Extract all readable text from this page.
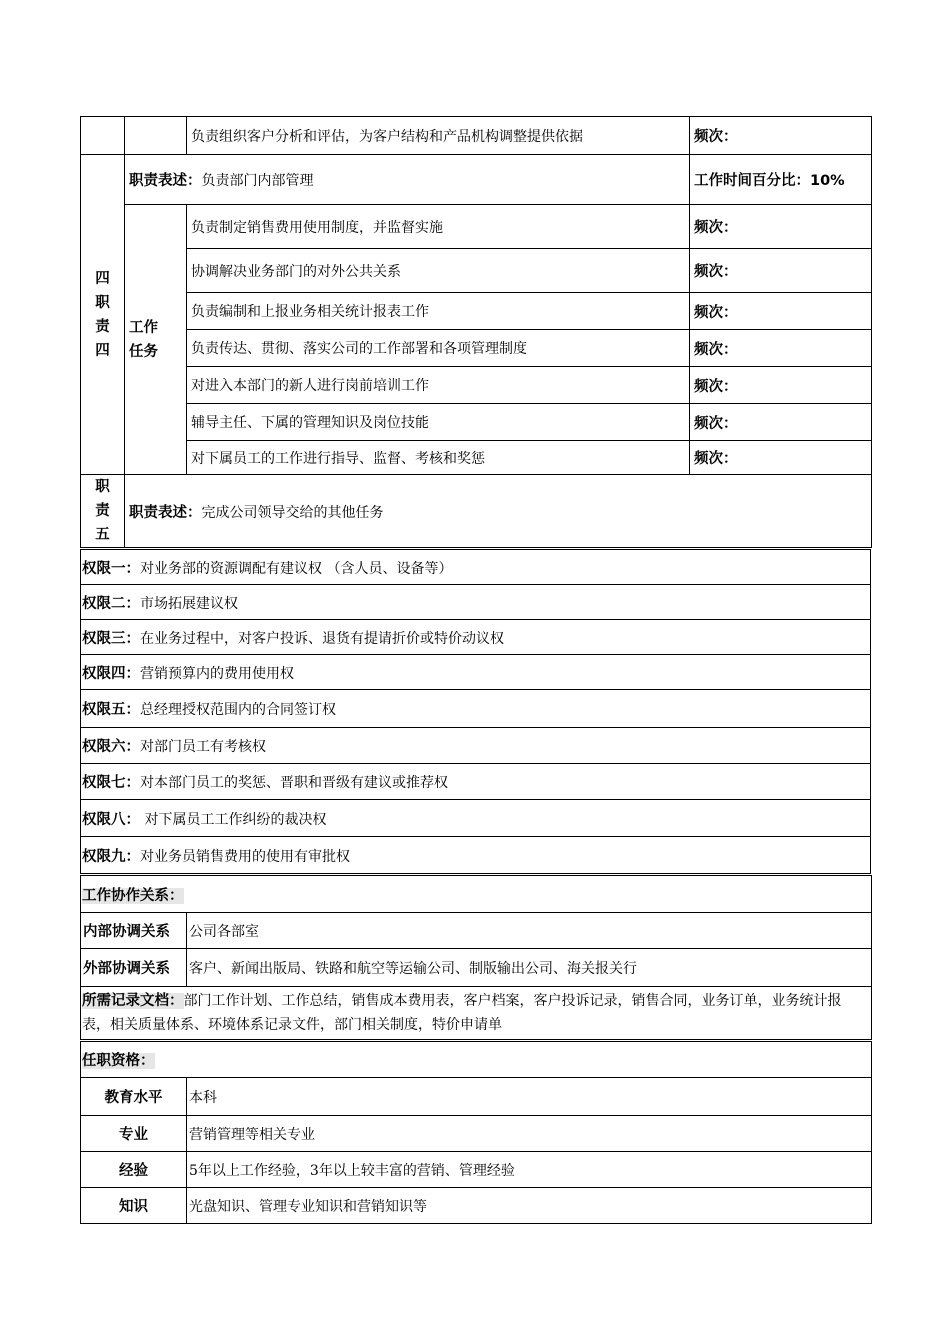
		负责组织客户分析和评估，为客户结构和产品机构调整提供依据	频次：

四
职
责
四	职责表述：负责部门内部管理		工作时间百分比：10%
	工作
任务	负责制定销售费用使用制度，并监督实施	频次：
		协调解决业务部门的对外公共关系	频次：
		负责编制和上报业务相关统计报表工作	频次：
		负责传达、贯彻、落实公司的工作部署和各项管理制度	频次：
		对进入本部门的新人进行岗前培训工作	频次：
		辅导主任、下属的管理知识及岗位技能	频次：
		对下属员工的工作进行指导、监督、考核和奖惩	频次：

职
责
五	职责表述：完成公司领导交给的其他任务		
权限一：对业务部的资源调配有建议权 （含人员、设备等）
权限二：市场拓展建议权
权限三：在业务过程中，对客户投诉、退货有提请折价或特价动议权
权限四：营销预算内的费用使用权
权限五：总经理授权范围内的合同签订权
权限六：对部门员工有考核权
权限七：对本部门员工的奖惩、晋职和晋级有建议或推荐权
权限八： 对下属员工工作纠纷的裁决权
权限九：对业务员销售费用的使用有审批权
工作协作关系：	
内部协调关系	公司各部室
外部协调关系	客户、新闻出版局、铁路和航空等运输公司、制版输出公司、海关报关行
所需记录文档：部门工作计划、工作总结，销售成本费用表，客户档案，客户投诉记录，销售合同，业务订单，业务统计报表，相关质量体系、环境体系记录文件，部门相关制度，特价申请单	
任职资格：	
教育水平	本科
专业	营销管理等相关专业
经验	5年以上工作经验，3年以上较丰富的营销、管理经验
知识	光盘知识、管理专业知识和营销知识等
